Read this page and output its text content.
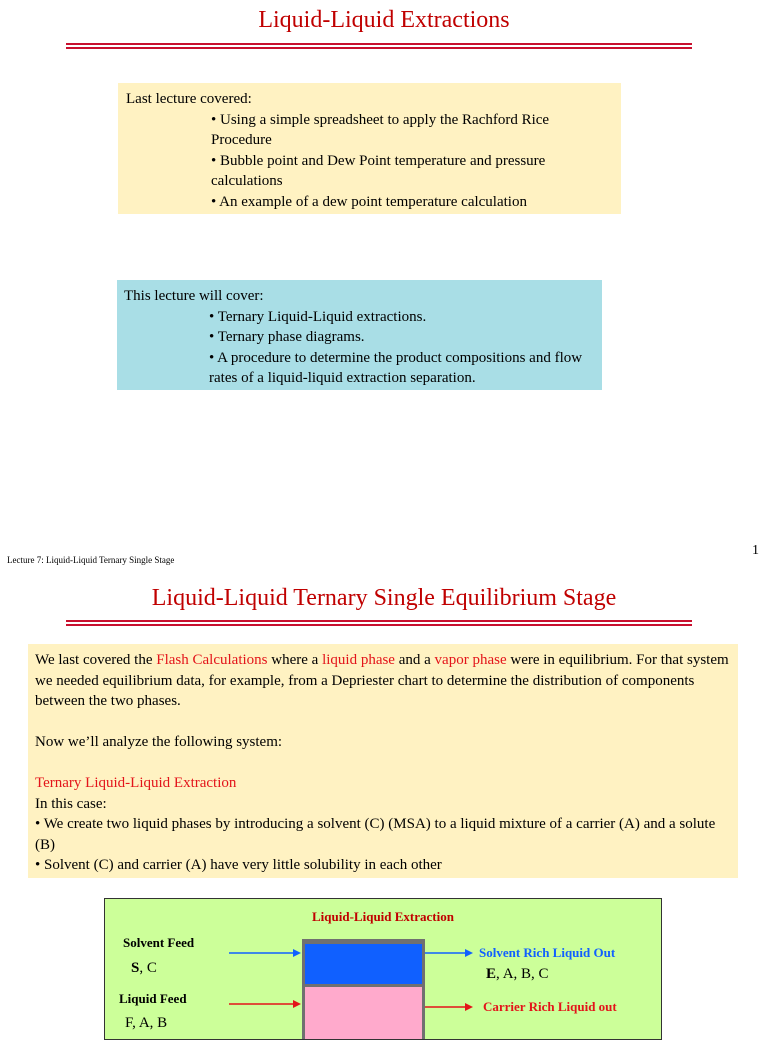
Liquid-Liquid Extractions
Last lecture covered:
• Using a simple spreadsheet to apply the Rachford Rice Procedure
• Bubble point and Dew Point temperature and pressure calculations
• An example of a dew point temperature calculation
This lecture will cover:
• Ternary Liquid-Liquid extractions.
• Ternary phase diagrams.
• A procedure to determine the product compositions and flow rates of a liquid-liquid extraction separation.
Lecture 7: Liquid-Liquid Ternary Single Stage
1
Liquid-Liquid Ternary Single Equilibrium Stage
We last covered the Flash Calculations where a liquid phase and a vapor phase were in equilibrium. For that system we needed equilibrium data, for example, from a Depriester chart to determine the distribution of components between the two phases.
Now we’ll analyze the following system:
Ternary Liquid-Liquid Extraction
In this case:
• We create two liquid phases by introducing a solvent (C) (MSA) to a liquid mixture of a carrier (A) and a solute (B)
• Solvent (C) and carrier (A) have very little solubility in each other
Liquid-Liquid Extraction
Solvent Feed
S, C
Liquid Feed
F, A, B
Solvent Rich Liquid Out
E, A, B, C
Carrier Rich Liquid out
